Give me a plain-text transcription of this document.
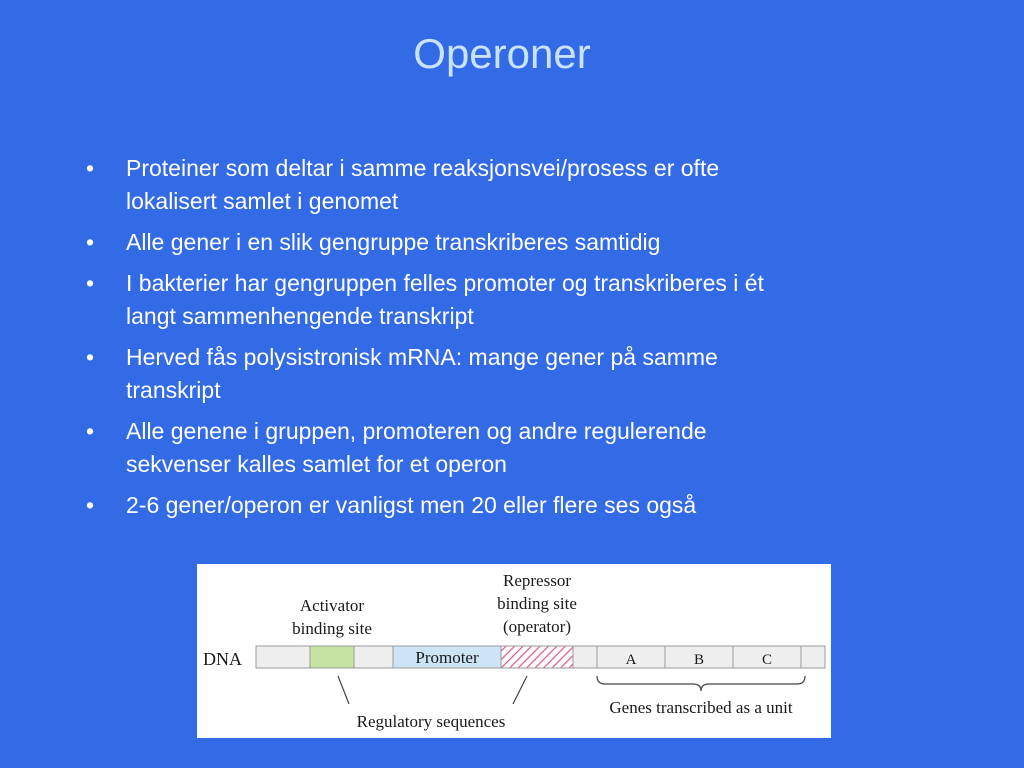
Operoner
• Proteiner som deltar i samme reaksjonsvei/prosess er ofte
lokalisert samlet i genomet
• Alle gener i en slik gengruppe transkriberes samtidig
• I bakterier har gengruppen felles promoter og transkriberes i ét
langt sammenhengende transkript
• Herved fås polysistronisk mRNA: mange gener på samme
transkript
• Alle genene i gruppen, promoteren og andre regulerende
sekvenser kalles samlet for et operon
• 2-6 gener/operon er vanligst men 20 eller flere ses også
Activator
binding site
Repressor
binding site
(operator)
DNA	Promoter	A	B	C
Regulatory sequences
Genes transcribed as a unit
